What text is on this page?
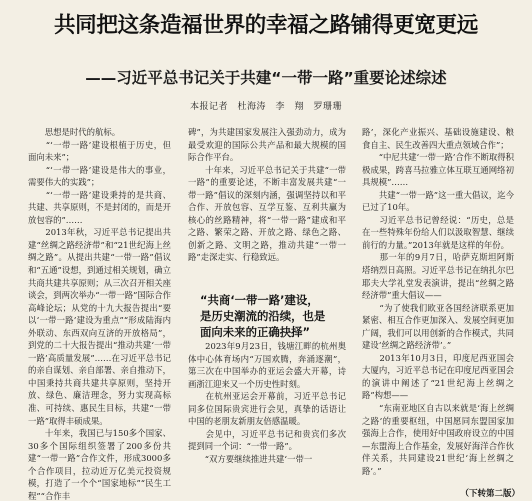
共同把这条造福世界的幸福之路铺得更宽更远
——习近平总书记关于共建“一带一路”重要论述综述
本报记者　杜海涛　李　翔　罗珊珊

　　思想是时代的航标。

　　“‘一带一路’建设根植于历史，但面向未来”；

　　“‘一带一路’建设是伟大的事业，需要伟大的实践”；

　　“‘一带一路’建设秉持的是共商、共建、共享原则，不是封闭的，而是开放包容的”……

　　2013年秋，习近平总书记提出共建“丝绸之路经济带”和“21世纪海上丝绸之路”。从提出共建“一带一路”倡议和“五通”设想，到通过相关规划，确立共商共建共享原则；从三次召开相关座谈会，到两次举办“一带一路”国际合作高峰论坛；从党的十九大报告提出“要以‘一带一路’建设为重点”“形成陆海内外联动、东西双向互济的开放格局”，到党的二十大报告提出“推动共建‘一带一路’高质量发展”……在习近平总书记的亲自谋划、亲自部署、亲自推动下，中国秉持共商共建共享原则，坚持开放、绿色、廉洁理念，努力实现高标准、可持续、惠民生目标，共建“一带一路”取得丰硕成果。

　　十年来，我国已与150多个国家、30多个国际组织签署了200多份共建“一带一路”合作文件，形成3000多个合作项目，拉动近万亿美元投资规模，打造了一个个“国家地标”“民生工程”“合作丰

碑”，为共建国家发展注入强劲动力，成为最受欢迎的国际公共产品和最大规模的国际合作平台。

　　十年来，习近平总书记关于共建“一带一路”的重要论述，不断丰富发展共建“一带一路”倡议的深刻内涵，强调坚持以和平合作、开放包容、互学互鉴、互利共赢为核心的丝路精神，将“一带一路”建成和平之路、繁荣之路、开放之路、绿色之路、创新之路、文明之路，推动共建“一带一路”走深走实、行稳致远。

“共商‘一带一路’建设，

是历史潮流的沿续，也是

面向未来的正确抉择”

　　2023年9月23日，钱塘江畔的杭州奥体中心体育场内“万国欢腾，奔涌逐潮”，第三次在中国举办的亚运会盛大开幕，诗画浙江迎来又一个历史性时刻。

　　在杭州亚运会开幕前，习近平总书记同多位国际贵宾进行会见，真挚的话语让中国的老朋友新朋友倍感温暖。

　　会见中，习近平总书记和贵宾们多次提到同一个词：“一带一路”。

　　“双方要继续推进共建‘一带一

路’，深化产业振兴、基础设施建设、粮食自主、民生改善四大重点领域合作”；

　　“中尼共建‘一带一路’合作不断取得积极成果，跨喜马拉雅立体互联互通网络初具规模”……

　　共建“一带一路”这一重大倡议，迄今已过了10年。

　　习近平总书记曾经说：“历史，总是在一些特殊年份给人们以汲取智慧、继续前行的力量。”2013年就是这样的年份。

　　那一年的9月7日，哈萨克斯坦阿斯塔纳烈日高照。习近平总书记在纳扎尔巴耶夫大学礼堂发表演讲，提出“丝绸之路经济带”重大倡议——

　　“为了使我们欧亚各国经济联系更加紧密、相互合作更加深入、发展空间更加广阔，我们可以用创新的合作模式，共同建设‘丝绸之路经济带’。”

　　2013年10月3日，印度尼西亚国会大厦内，习近平总书记在印度尼西亚国会的演讲中阐述了“21世纪海上丝绸之路”构想——

　　“东南亚地区自古以来就是‘海上丝绸之路’的重要枢纽，中国愿同东盟国家加强海上合作，使用好中国政府设立的中国—东盟海上合作基金，发展好海洋合作伙伴关系，共同建设21世纪‘海上丝绸之路’。”

（下转第二版）
